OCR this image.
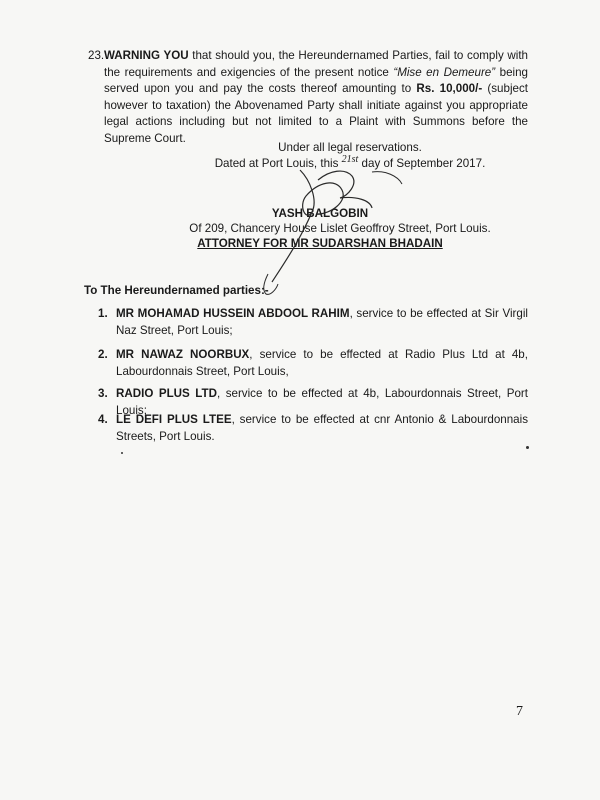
23. WARNING YOU that should you, the Hereundernamed Parties, fail to comply with the requirements and exigencies of the present notice “Mise en Demeure” being served upon you and pay the costs thereof amounting to Rs. 10,000/- (subject however to taxation) the Abovenamed Party shall initiate against you appropriate legal actions including but not limited to a Plaint with Summons before the Supreme Court.
Under all legal reservations.
Dated at Port Louis, this 21st day of September 2017.
YASH BALGOBIN
Of 209, Chancery House Lislet Geoffroy Street, Port Louis.
ATTORNEY FOR MR SUDARSHAN BHADAIN
To The Hereundernamed parties:-
1. MR MOHAMAD HUSSEIN ABDOOL RAHIM, service to be effected at Sir Virgil Naz Street, Port Louis;
2. MR NAWAZ NOORBUX, service to be effected at Radio Plus Ltd at 4b, Labourdonnais Street, Port Louis,
3. RADIO PLUS LTD, service to be effected at 4b, Labourdonnais Street, Port Louis;
4. LE DEFI PLUS LTEE, service to be effected at cnr Antonio & Labourdonnais Streets, Port Louis.
7
